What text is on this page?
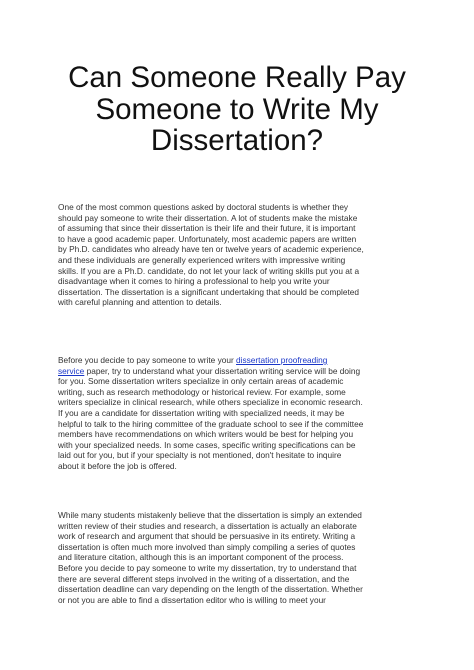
Can Someone Really Pay
Someone to Write My
Dissertation?

One of the most common questions asked by doctoral students is whether they
should pay someone to write their dissertation. A lot of students make the mistake
of assuming that since their dissertation is their life and their future, it is important
to have a good academic paper. Unfortunately, most academic papers are written
by Ph.D. candidates who already have ten or twelve years of academic experience,
and these individuals are generally experienced writers with impressive writing
skills. If you are a Ph.D. candidate, do not let your lack of writing skills put you at a
disadvantage when it comes to hiring a professional to help you write your
dissertation. The dissertation is a significant undertaking that should be completed
with careful planning and attention to details.

Before you decide to pay someone to write your dissertation proofreading
service paper, try to understand what your dissertation writing service will be doing
for you. Some dissertation writers specialize in only certain areas of academic
writing, such as research methodology or historical review. For example, some
writers specialize in clinical research, while others specialize in economic research.
If you are a candidate for dissertation writing with specialized needs, it may be
helpful to talk to the hiring committee of the graduate school to see if the committee
members have recommendations on which writers would be best for helping you
with your specialized needs. In some cases, specific writing specifications can be
laid out for you, but if your specialty is not mentioned, don't hesitate to inquire
about it before the job is offered.

While many students mistakenly believe that the dissertation is simply an extended
written review of their studies and research, a dissertation is actually an elaborate
work of research and argument that should be persuasive in its entirety. Writing a
dissertation is often much more involved than simply compiling a series of quotes
and literature citation, although this is an important component of the process.
Before you decide to pay someone to write my dissertation, try to understand that
there are several different steps involved in the writing of a dissertation, and the
dissertation deadline can vary depending on the length of the dissertation. Whether
or not you are able to find a dissertation editor who is willing to meet your
